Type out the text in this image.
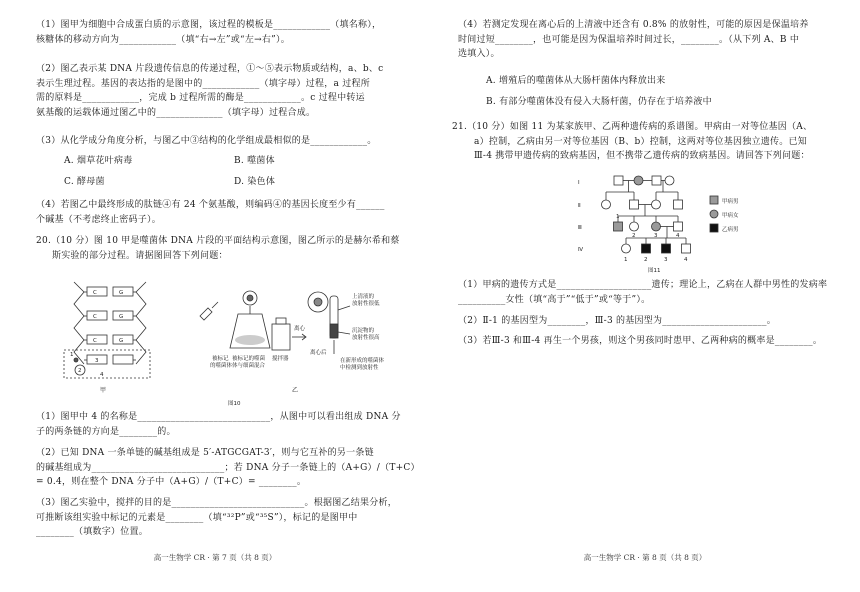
（1）图甲为细胞中合成蛋白质的示意图，该过程的模板是____________（填名称），
核糖体的移动方向为____________（填“右→左”或“左→右”）。
（2）图乙表示某 DNA 片段遗传信息的传递过程，①～⑤表示物质或结构，a、b、c
表示生理过程。基因的表达指的是图中的____________（填字母）过程，a 过程所
需的原料是____________，完成 b 过程所需的酶是____________。c 过程中转运
氨基酸的运载体通过图乙中的______________（填字母）过程合成。
（3）从化学成分角度分析，与图乙中③结构的化学组成最相似的是____________。
A. 烟草花叶病毒	B. 噬菌体
C. 酵母菌	D. 染色体
（4）若图乙中最终形成的肽链④有 24 个氨基酸，则编码④的基因长度至少有______
个碱基（不考虑终止密码子）。
20.（10 分）图 10 甲是噬菌体 DNA 片段的平面结构示意图，图乙所示的是赫尔希和蔡
斯实验的部分过程。请据图回答下列问题：
C	G
C	G
C	G
3
1
2
4
甲
被标记
的噬菌体
被标记的噬菌
体与细菌混合
搅拌器
离心
离心后
上清液的
放射性很低
沉淀物的
放射性很高
在新形成的噬菌体
中检测到放射性
乙
图10
（1）图甲中 4 的名称是____________________________，从图中可以看出组成 DNA 分
子的两条链的方向是________的。
（2）已知 DNA 一条单链的碱基组成是 5′-ATGCGAT-3′，则与它互补的另一条链
的碱基组成为____________________________；若 DNA 分子一条链上的（A+G）/（T+C）
= 0.4，则在整个 DNA 分子中（A+G）/（T+C）= ________。
（3）图乙实验中，搅拌的目的是____________________________。根据图乙结果分析，
可推断该组实验中标记的元素是________（填“³²P”或“³⁵S”），标记的是图甲中
________（填数字）位置。
高一生物学 CR · 第 7 页（共 8 页）
（4）若测定发现在离心后的上清液中还含有 0.8% 的放射性，可能的原因是保温培养
时间过短________，也可能是因为保温培养时间过长，________。（从下列 A、B 中
选填入）。
A. 增殖后的噬菌体从大肠杆菌体内释放出来
B. 有部分噬菌体没有侵入大肠杆菌，仍存在于培养液中
21.（10 分）如图 11 为某家族甲、乙两种遗传病的系谱图。甲病由一对等位基因（A、
a）控制，乙病由另一对等位基因（B、b）控制，这两对等位基因独立遗传。已知
Ⅲ-4 携带甲遗传病的致病基因，但不携带乙遗传病的致病基因。请回答下列问题：
Ⅰ
Ⅱ
Ⅲ
Ⅳ
1
2	3	4
1	2	3	4
甲病男
甲病女
乙病男
图11
（1）甲病的遗传方式是____________________遗传；理论上，乙病在人群中男性的发病率
__________女性（填“高于”“低于”或“等于”）。
（2）Ⅱ-1 的基因型为________，Ⅲ-3 的基因型为______________________。
（3）若Ⅲ-3 和Ⅲ-4 再生一个男孩，则这个男孩同时患甲、乙两种病的概率是________。
高一生物学 CR · 第 8 页（共 8 页）
